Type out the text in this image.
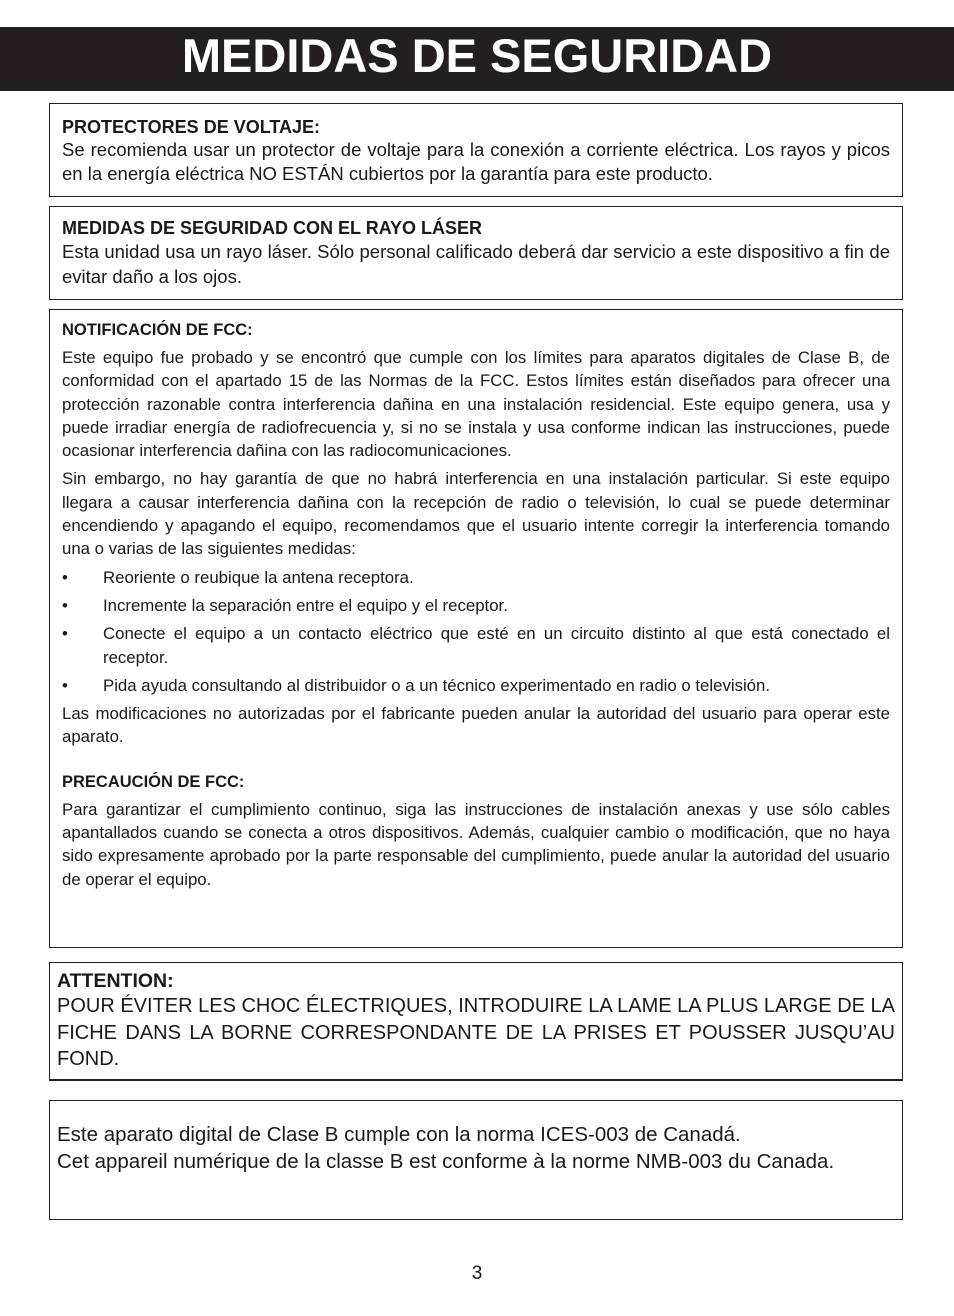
MEDIDAS DE SEGURIDAD
PROTECTORES DE VOLTAJE:
Se recomienda usar un protector de voltaje para la conexión a corriente eléctrica. Los rayos y picos en la energía eléctrica NO ESTÁN cubiertos por la garantía para este producto.
MEDIDAS DE SEGURIDAD CON EL RAYO LÁSER
Esta unidad usa un rayo láser. Sólo personal calificado deberá dar servicio a este dispositivo a fin de evitar daño a los ojos.
NOTIFICACIÓN DE FCC:

Este equipo fue probado y se encontró que cumple con los límites para aparatos digitales de Clase B, de conformidad con el apartado 15 de las Normas de la FCC. Estos límites están diseñados para ofrecer una protección razonable contra interferencia dañina en una instalación residencial. Este equipo genera, usa y puede irradiar energía de radiofrecuencia y, si no se instala y usa conforme indican las instrucciones, puede ocasionar interferencia dañina con las radiocomunicaciones.

Sin embargo, no hay garantía de que no habrá interferencia en una instalación particular. Si este equipo llegara a causar interferencia dañina con la recepción de radio o televisión, lo cual se puede determinar encendiendo y apagando el equipo, recomendamos que el usuario intente corregir la interferencia tomando una o varias de las siguientes medidas:

• Reoriente o reubique la antena receptora.
• Incremente la separación entre el equipo y el receptor.
• Conecte el equipo a un contacto eléctrico que esté en un circuito distinto al que está conectado el receptor.
• Pida ayuda consultando al distribuidor o a un técnico experimentado en radio o televisión.

Las modificaciones no autorizadas por el fabricante pueden anular la autoridad del usuario para operar este aparato.

PRECAUCIÓN DE FCC:

Para garantizar el cumplimiento continuo, siga las instrucciones de instalación anexas y use sólo cables apantallados cuando se conecta a otros dispositivos. Además, cualquier cambio o modificación, que no haya sido expresamente aprobado por la parte responsable del cumplimiento, puede anular la autoridad del usuario de operar el equipo.

ATTENTION:
POUR ÉVITER LES CHOC ÉLECTRIQUES, INTRODUIRE LA LAME LA PLUS LARGE DE LA FICHE DANS LA BORNE CORRESPONDANTE DE LA PRISES ET POUSSER JUSQU’AU FOND.
Este aparato digital de Clase B cumple con la norma ICES-003 de Canadá.
Cet appareil numérique de la classe B est conforme à la norme NMB-003 du Canada.
3
